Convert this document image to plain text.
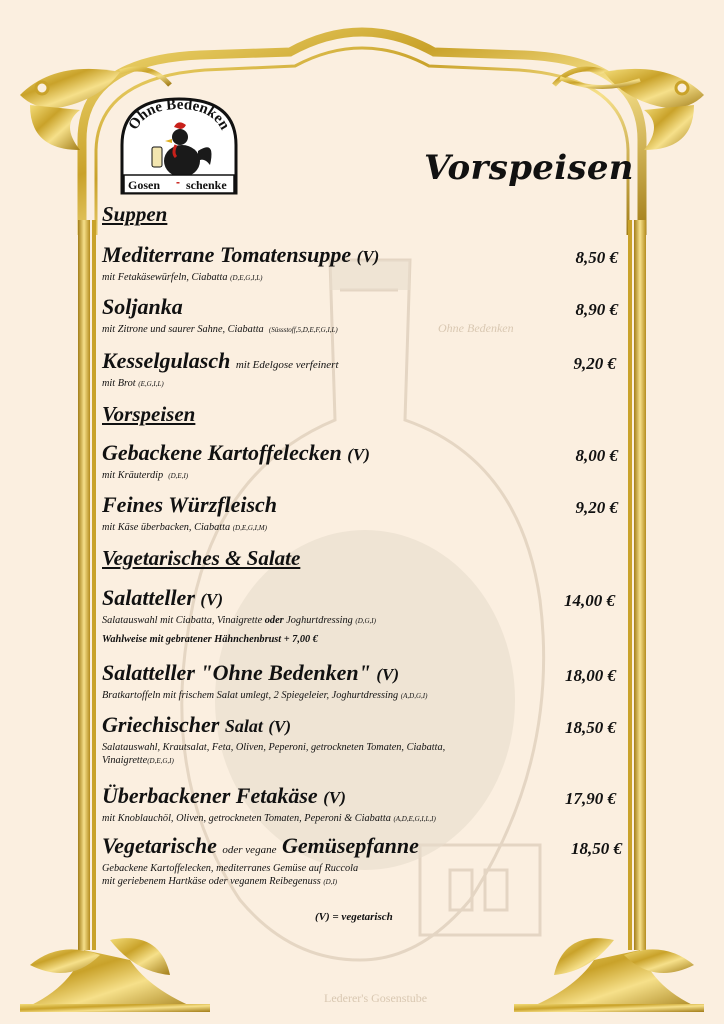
Ohne Bedenken
Lederer's Gosenstube
Ohne Bedenken
Gosen - schenke	Vorspeisen
Suppen
Mediterrane Tomatensuppe (V)	8,50 €

mit Fetakäsewürfeln, Ciabatta (D,E,G,I,L)

Soljanka	8,90 €

mit Zitrone und saurer Sahne, Ciabatta (Süssstoff,5,D,E,F,G,I,L)

Kesselgulasch mit Edelgose verfeinert	9,20 €

mit Brot (E,G,I,L)

Vorspeisen
Gebackene Kartoffelecken (V)	8,00 €

mit Kräuterdip (D,E,I)

Feines Würzfleisch	9,20 €

mit Käse überbacken, Ciabatta (D,E,G,I,M)

Vegetarisches & Salate
Salatteller (V)	14,00 €

Salatauswahl mit Ciabatta, Vinaigrette oder Joghurtdressing (D,G,I)

Wahlweise mit gebratener Hähnchenbrust + 7,00 €

Salatteller "Ohne Bedenken" (V)	18,00 €

Bratkartoffeln mit frischem Salat umlegt, 2 Spiegeleier, Joghurtdressing (A,D,G,I)

Griechischer Salat (V)	18,50 €

Salatauswahl, Krautsalat, Feta, Oliven, Peperoni, getrockneten Tomaten, Ciabatta,
Vinaigrette(D,E,G,I)

Überbackener Fetakäse (V)	17,90 €

mit Knoblauchöl, Oliven, getrockneten Tomaten, Peperoni & Ciabatta (A,D,E,G,I,L,I)

Vegetarische oder vegane Gemüsepfanne	18,50 €

Gebackene Kartoffelecken, mediterranes Gemüse auf Ruccola
mit geriebenem Hartkäse oder veganem Reibegenuss (D,I)

(V) = vegetarisch
